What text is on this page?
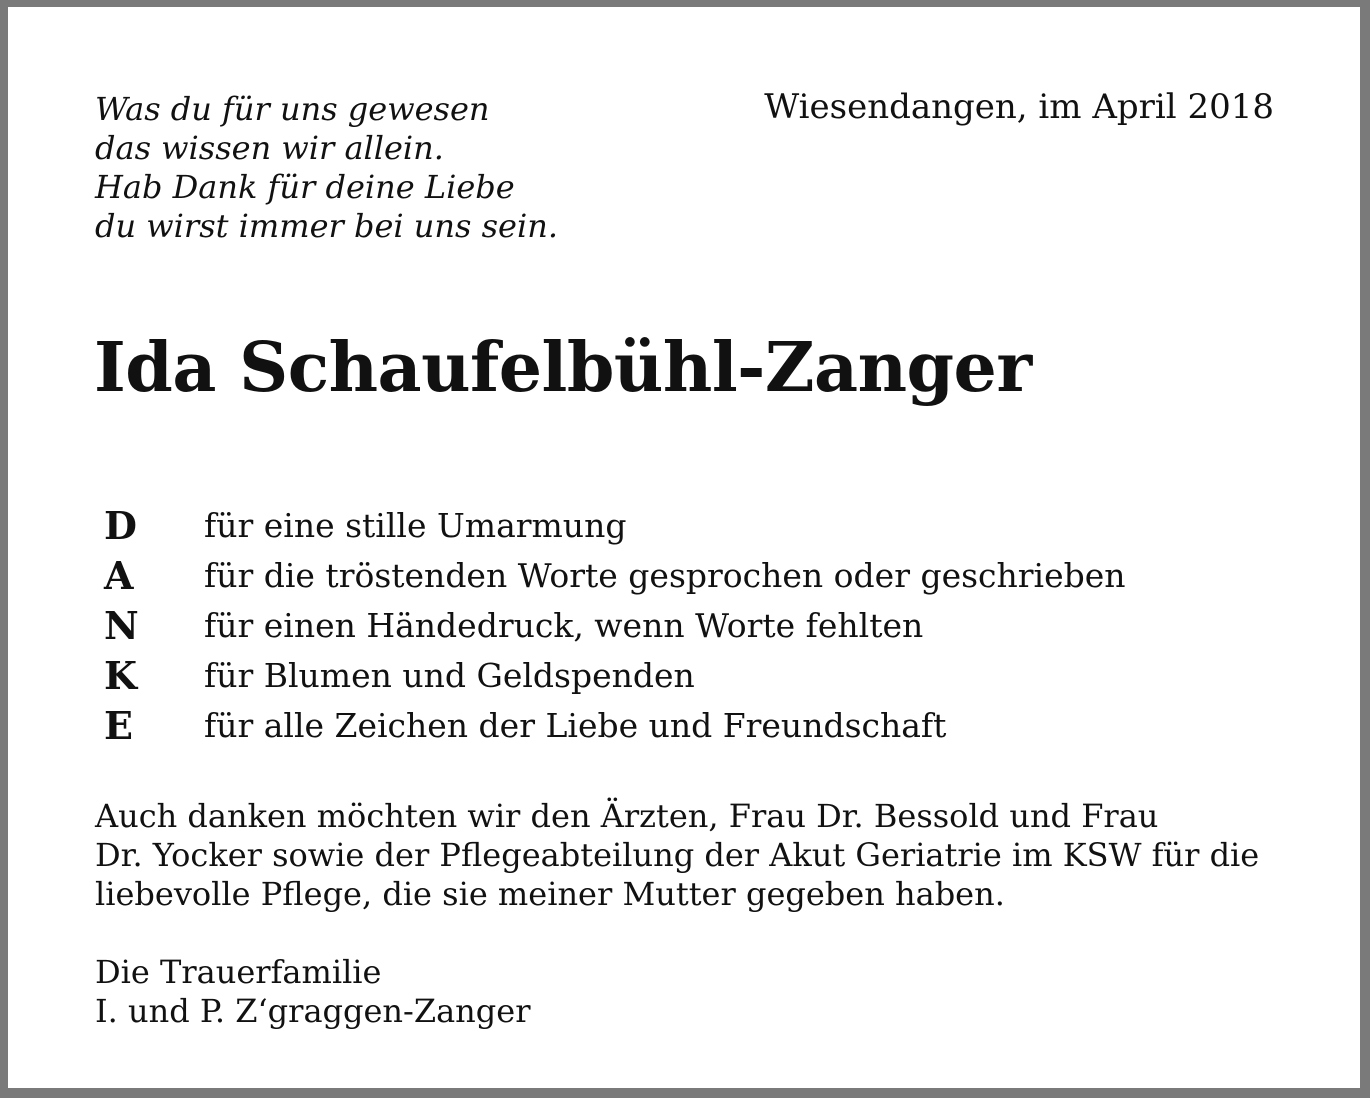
Was du für uns gewesen
das wissen wir allein.
Hab Dank für deine Liebe
du wirst immer bei uns sein.
Wiesendangen, im April 2018
Ida Schaufelbühl-Zanger
D	für eine stille Umarmung
A	für die tröstenden Worte gesprochen oder geschrieben
N	für einen Händedruck, wenn Worte fehlten
K	für Blumen und Geldspenden
E	für alle Zeichen der Liebe und Freundschaft
Auch danken möchten wir den Ärzten, Frau Dr. Bessold und Frau
Dr. Yocker sowie der Pflegeabteilung der Akut Geriatrie im KSW für die
liebevolle Pflege, die sie meiner Mutter gegeben haben.
Die Trauerfamilie
I. und P. Z‘graggen-Zanger
